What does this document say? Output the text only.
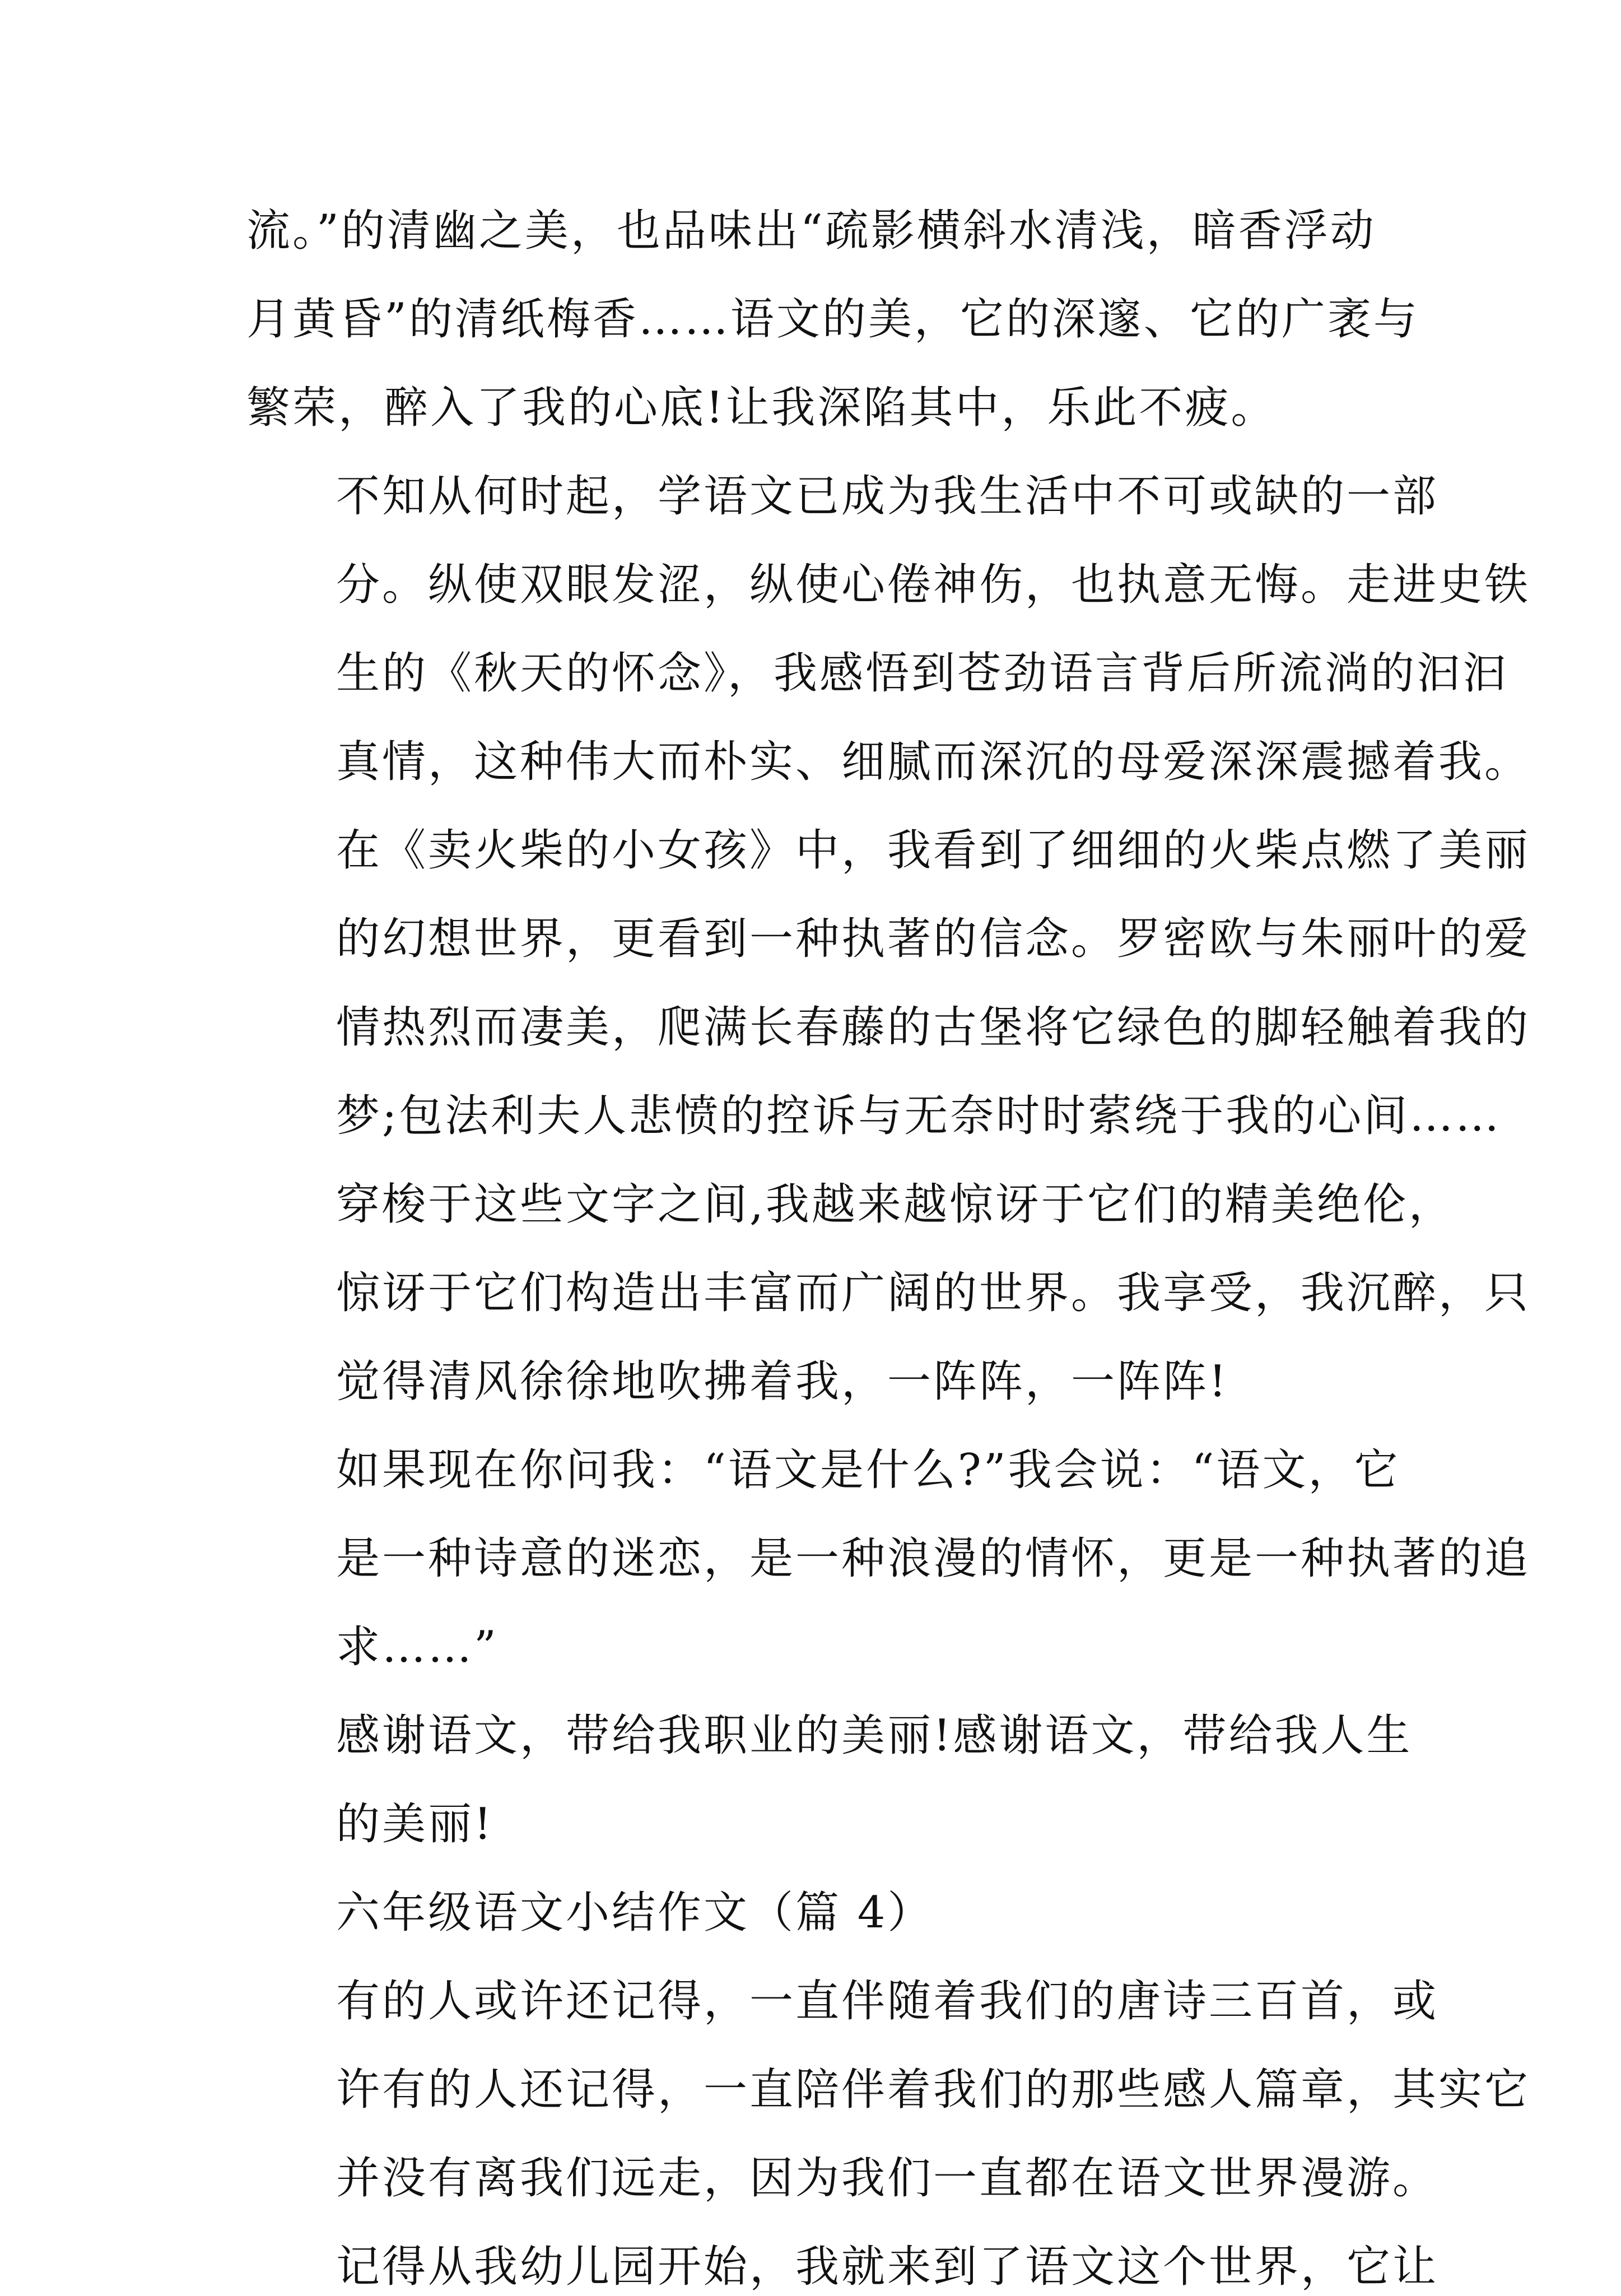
流。”的清幽之美，也品味出“疏影横斜水清浅，暗香浮动
月黄昏”的清纸梅香……语文的美，它的深邃、它的广袤与
繁荣，醉入了我的心底!让我深陷其中，乐此不疲。

不知从何时起，学语文已成为我生活中不可或缺的一部
分。纵使双眼发涩，纵使心倦神伤，也执意无悔。走进史铁
生的《秋天的怀念》，我感悟到苍劲语言背后所流淌的汩汩
真情，这种伟大而朴实、细腻而深沉的母爱深深震撼着我。
在《卖火柴的小女孩》中，我看到了细细的火柴点燃了美丽
的幻想世界，更看到一种执著的信念。罗密欧与朱丽叶的爱
情热烈而凄美，爬满长春藤的古堡将它绿色的脚轻触着我的
梦;包法利夫人悲愤的控诉与无奈时时萦绕于我的心间……

穿梭于这些文字之间,我越来越惊讶于它们的精美绝伦，
惊讶于它们构造出丰富而广阔的世界。我享受，我沉醉，只
觉得清风徐徐地吹拂着我，一阵阵，一阵阵!

如果现在你问我：“语文是什么?”我会说：“语文，它
是一种诗意的迷恋，是一种浪漫的情怀，更是一种执著的追
求……”

感谢语文，带给我职业的美丽!感谢语文，带给我人生
的美丽!

六年级语文小结作文（篇 4）

有的人或许还记得，一直伴随着我们的唐诗三百首，或
许有的人还记得，一直陪伴着我们的那些感人篇章，其实它
并没有离我们远走，因为我们一直都在语文世界漫游。

记得从我幼儿园开始，我就来到了语文这个世界，它让
